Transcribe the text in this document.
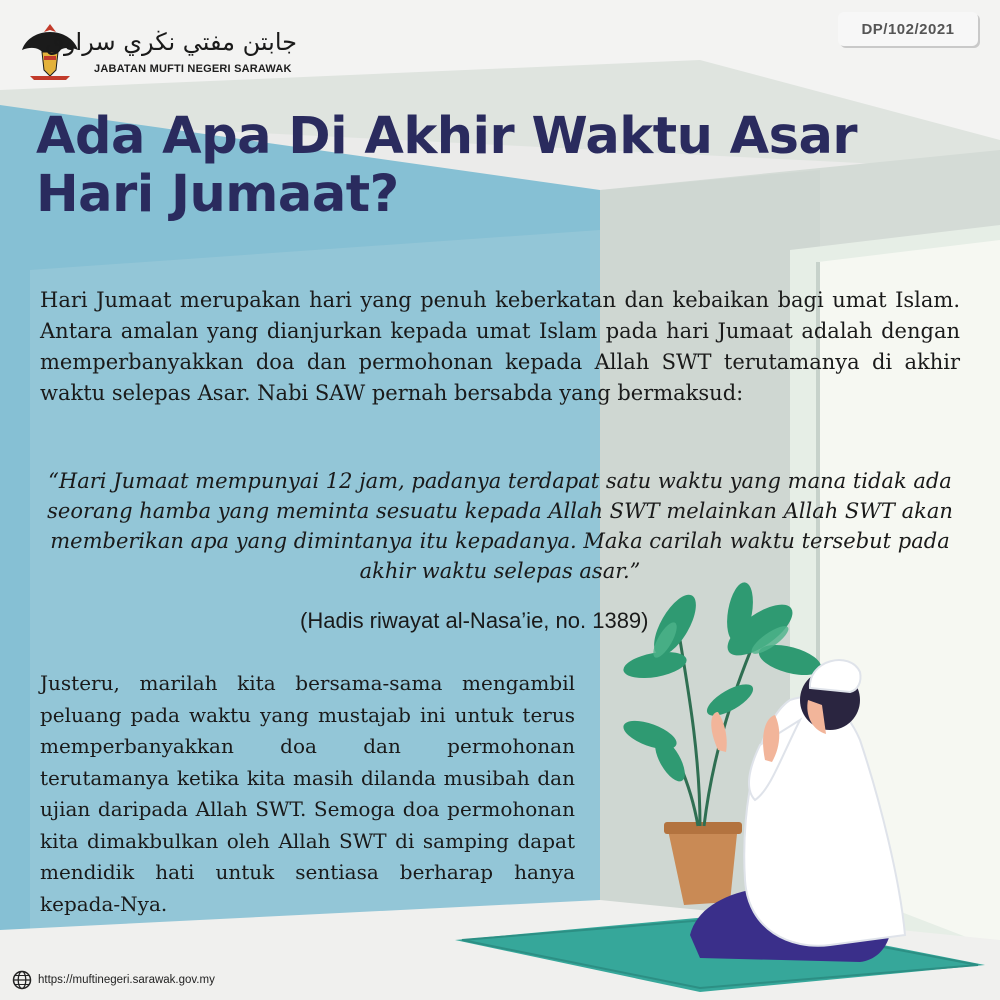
جابتن مفتي نڬري سراوق
JABATAN MUFTI NEGERI SARAWAK
DP/102/2021
Ada Apa Di Akhir Waktu Asar
Hari Jumaat?

Hari Jumaat merupakan hari yang penuh keberkatan dan kebaikan bagi umat Islam. Antara amalan yang dianjurkan kepada umat Islam pada hari Jumaat adalah dengan memperbanyakkan doa dan permohonan kepada Allah SWT terutamanya di akhir waktu selepas Asar. Nabi SAW pernah bersabda yang bermaksud:

“Hari Jumaat mempunyai 12 jam, padanya terdapat satu waktu yang mana tidak ada seorang hamba yang meminta sesuatu kepada Allah SWT melainkan Allah SWT akan memberikan apa yang dimintanya itu kepadanya. Maka carilah waktu tersebut pada akhir waktu selepas asar.”

(Hadis riwayat al-Nasa’ie, no. 1389)

Justeru, marilah kita bersama-sama mengambil peluang pada waktu yang mustajab ini untuk terus memperbanyakkan doa dan permohonan terutamanya ketika kita masih dilanda musibah dan ujian daripada Allah SWT. Semoga doa permohonan kita dimakbulkan oleh Allah SWT di samping dapat mendidik hati untuk sentiasa berharap hanya kepada-Nya.

https://muftinegeri.sarawak.gov.my
